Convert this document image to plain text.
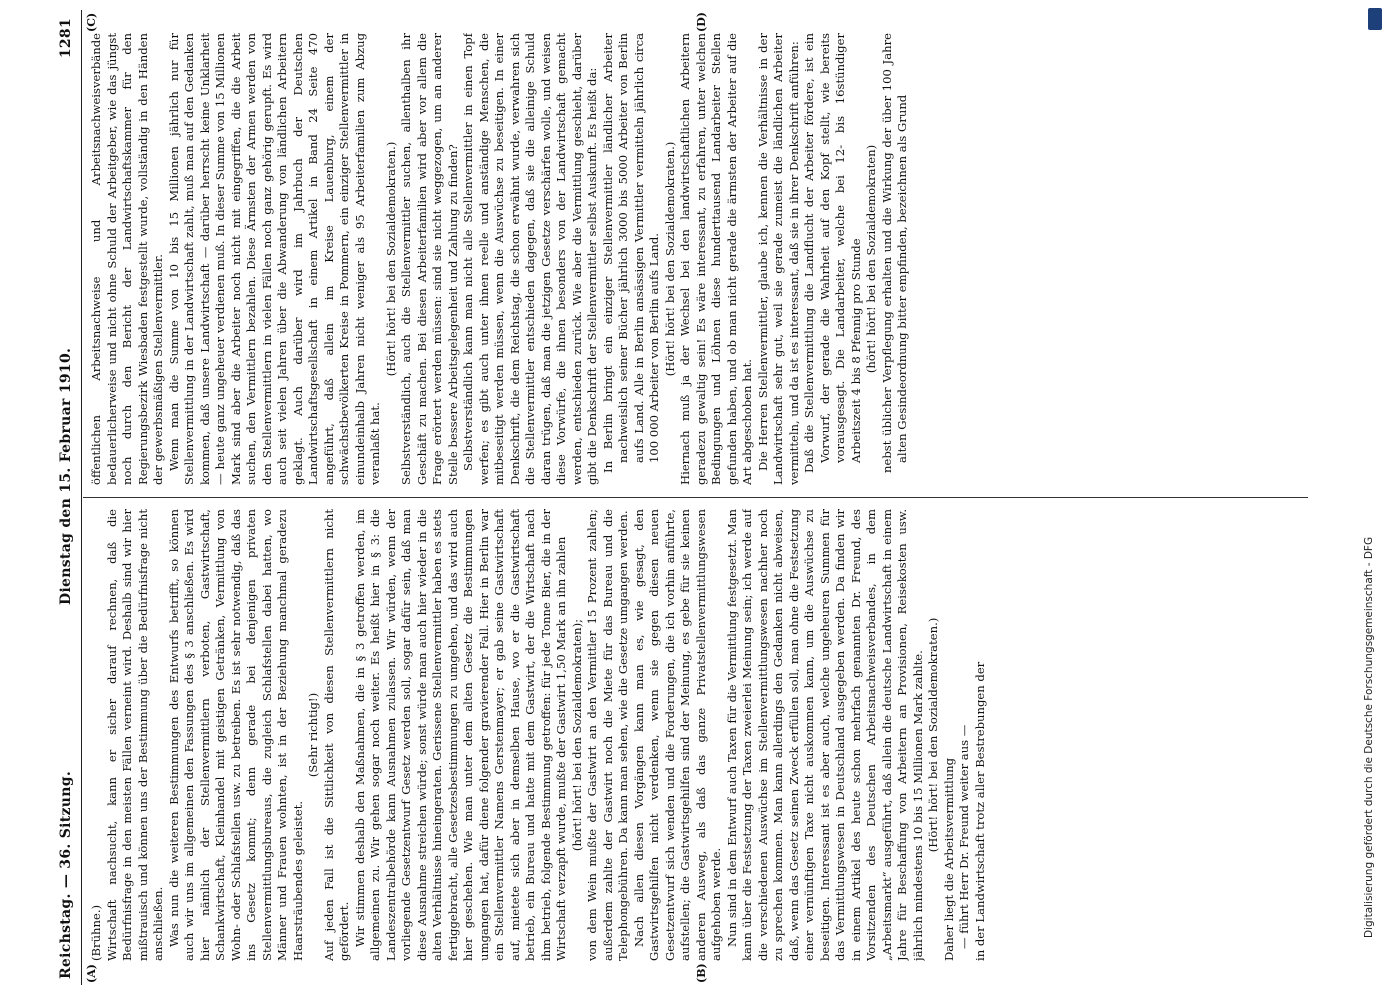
Reichstag. — 36. Sitzung.
Dienstag den 15. Februar 1910.
1281
(A)	(B)
(C)	(D)

(Brühne.) Wirtschaft nachsucht, kann er sicher darauf rechnen, daß die Bedürfnisfrage in den meisten Fällen verneint wird. Deshalb sind wir hier mißtrauisch und können uns der Bestimmung über die Bedürfnisfrage nicht anschließen. Was nun die weiteren Bestimmungen des Entwurfs betrifft, so können auch wir uns im allgemeinen den Fassungen des § 3 anschließen. Es wird hier nämlich der Stellenvermittlern verboten, Gastwirtschaft, Schankwirtschaft, Kleinhandel mit geistigen Getränken, Vermittlung von Wohn- oder Schlafstellen usw. zu betreiben. Es ist sehr notwendig, daß das ins Gesetz kommt; denn gerade bei denjenigen privaten Stellenvermittlungsbureaus, die zugleich Schlafstellen dabei hatten, wo Männer und Frauen wohnten, ist in der Beziehung manchmal geradezu Haarsträubendes geleistet.

(Sehr richtig!) Auf jeden Fall ist die Sittlichkeit von diesen Stellenvermittlern nicht gefördert. Wir stimmen deshalb den Maßnahmen, die in § 3 getroffen werden, im allgemeinen zu. Wir gehen sogar noch weiter. Es heißt hier in § 3: die Landeszentralbehörde kann Ausnahmen zulassen. Wir würden, wenn der vorliegende Gesetzentwurf Gesetz werden soll, sogar dafür sein, daß man diese Ausnahme streichen würde; sonst würde man auch hier wieder in die alten Verhältnisse hineingeraten. Gerissene Stellenvermittler haben es stets fertiggebracht, alle Gesetzesbestimmungen zu umgehen, und das wird auch hier geschehen. Wie man unter dem alten Gesetz die Bestimmungen umgangen hat, dafür diene folgender gravierender Fall. Hier in Berlin war ein Stellenvermittler Namens Gerstenmayer; er gab seine Gastwirtschaft auf, mietete sich aber in demselben Hause, wo er die Gastwirtschaft betrieb, ein Bureau und hatte mit dem Gastwirt, der die Wirtschaft nach ihm betrieb, folgende Bestimmung getroffen: für jede Tonne Bier, die in der Wirtschaft verzapft wurde, mußte der Gastwirt 1,50 Mark an ihn zahlen (hört! hört! bei den Sozialdemokraten); von dem Wein mußte der Gastwirt an den Vermittler 15 Prozent zahlen; außerdem zahlte der Gastwirt noch die Miete für das Bureau und die Telephongebühren. Da kann man sehen, wie die Gesetze umgangen werden. Nach allen diesen Vorgängen kann man es, wie gesagt, den Gastwirtsgehilfen nicht verdenken, wenn sie gegen diesen neuen Gesetzentwurf sich wenden und die Forderungen, die ich vorhin anführte, aufstellen; die Gastwirtsgehilfen sind der Meinung, es gebe für sie keinen anderen Ausweg, als daß das ganze Privatstellenvermittlungswesen aufgehoben werde. Nun sind in dem Entwurf auch Taxen für die Vermittlung festgesetzt. Man kann über die Festsetzung der Taxen zweierlei Meinung sein; ich werde auf die verschiedenen Auswüchse im Stellenvermittlungswesen nachher noch zu sprechen kommen. Man kann allerdings den Gedanken nicht abweisen, daß, wenn das Gesetz seinen Zweck erfüllen soll, man ohne die Festsetzung einer vernünftigen Taxe nicht auskommen kann, um die Auswüchse zu beseitigen. Interessant ist es aber auch, welche ungeheuren Summen für das Vermittlungswesen in Deutschland ausgegeben werden. Da finden wir in einem Artikel des heute schon mehrfach genannten Dr. Freund, des Vorsitzenden des Deutschen Arbeitsnachweisverbandes, in dem „Arbeitsmarkt“ ausgeführt, daß allein die deutsche Landwirtschaft in einem Jahre für Beschaffung von Arbeitern an Provisionen, Reisekosten usw. jährlich mindestens 10 bis 15 Millionen Mark zahlte. (Hört! hört! bei den Sozialdemokraten.)

Daher liegt die Arbeitsvermittlung — führt Herr Dr. Freund weiter aus — in der Landwirtschaft trotz aller Bestrebungen der

öffentlichen Arbeitsnachweise und Arbeitsnachweisverbände bedauerlicherweise und nicht ohne Schuld der Arbeitgeber, wie das jüngst noch durch den Bericht der Landwirtschaftskammer für den Regierungsbezirk Wiesbaden festgestellt wurde, vollständig in den Händen der gewerbsmäßigen Stellenvermittler. Wenn man die Summe von 10 bis 15 Millionen jährlich nur für Stellenvermittlung in der Landwirtschaft zahlt, muß man auf den Gedanken kommen, daß unsere Landwirtschaft — darüber herrscht keine Unklarheit — heute ganz ungeheuer verdienen muß. In dieser Summe von 15 Millionen Mark sind aber die Arbeiter noch nicht mit eingegriffen, die die Arbeit suchen, den Vermittlern bezahlen. Diese Ärmsten der Armen werden von den Stellenvermittlern in vielen Fällen noch ganz gehörig gerupft. Es wird auch seit vielen Jahren über die Abwanderung von ländlichen Arbeitern geklagt. Auch darüber wird im Jahrbuch der Deutschen Landwirtschaftsgesellschaft in einem Artikel in Band 24 Seite 470 angeführt, daß allein im Kreise Lauenburg, einem der schwächstbevölkerten Kreise in Pommern, ein einziger Stellenvermittler in einundeinhalb Jahren nicht weniger als 95 Arbeiterfamilien zum Abzug veranlaßt hat.

(Hört! hört! bei den Sozialdemokraten.) Selbstverständlich, auch die Stellenvermittler suchen, allenthalben ihr Geschäft zu machen. Bei diesen Arbeiterfamilien wird aber vor allem die Frage erörtert werden müssen: sind sie nicht weggezogen, um an anderer Stelle bessere Arbeitsgelegenheit und Zahlung zu finden? Selbstverständlich kann man nicht alle Stellenvermittler in einen Topf werfen; es gibt auch unter ihnen reelle und anständige Menschen, die mitbeseitigt werden müssen, wenn die Auswüchse zu beseitigen. In einer Denkschrift, die dem Reichstag, die schon erwähnt wurde, verwahren sich die Stellenvermittler entschieden dagegen, daß sie die alleinige Schuld daran trügen, daß man die jetzigen Gesetze verschärfen wolle, und weisen diese Vorwürfe, die ihnen besonders von der Landwirtschaft gemacht werden, entschieden zurück. Wie aber die Vermittlung geschieht, darüber gibt die Denkschrift der Stellenvermittler selbst Auskunft. Es heißt da: In Berlin bringt ein einziger Stellenvermittler ländlicher Arbeiter nachweislich seiner Bücher jährlich 3000 bis 5000 Arbeiter von Berlin aufs Land. Alle in Berlin ansässigen Vermittler vermitteln jährlich circa 100 000 Arbeiter von Berlin aufs Land. (Hört! hört! bei den Sozialdemokraten.) Hiernach muß ja der Wechsel bei den landwirtschaftlichen Arbeitern geradezu gewaltig sein! Es wäre interessant, zu erfahren, unter welchen Bedingungen und Löhnen diese hunderttausend Landarbeiter Stellen gefunden haben, und ob man nicht gerade die ärmsten der Arbeiter auf die Art abgeschoben hat. Die Herren Stellenvermittler, glaube ich, kennen die Verhältnisse in der Landwirtschaft sehr gut, weil sie gerade zumeist die ländlichen Arbeiter vermitteln, und da ist es interessant, daß sie in ihrer Denkschrift anführen: Daß die Stellenvermittlung die Landflucht der Arbeiter fördere, ist ein Vorwurf, der gerade die Wahrheit auf den Kopf stellt, wie bereits vorausgesagt. Die Landarbeiter, welche bei 12- bis 16stündiger Arbeitszeit 4 bis 8 Pfennig pro Stunde (hört! hört! bei den Sozialdemokraten) nebst üblicher Verpflegung erhalten und die Wirkung der über 100 Jahre alten Gesindeordnung bitter empfinden, bezeichnen als Grund

Digitalisierung gefördert durch die Deutsche Forschungsgemeinschaft - DFG
